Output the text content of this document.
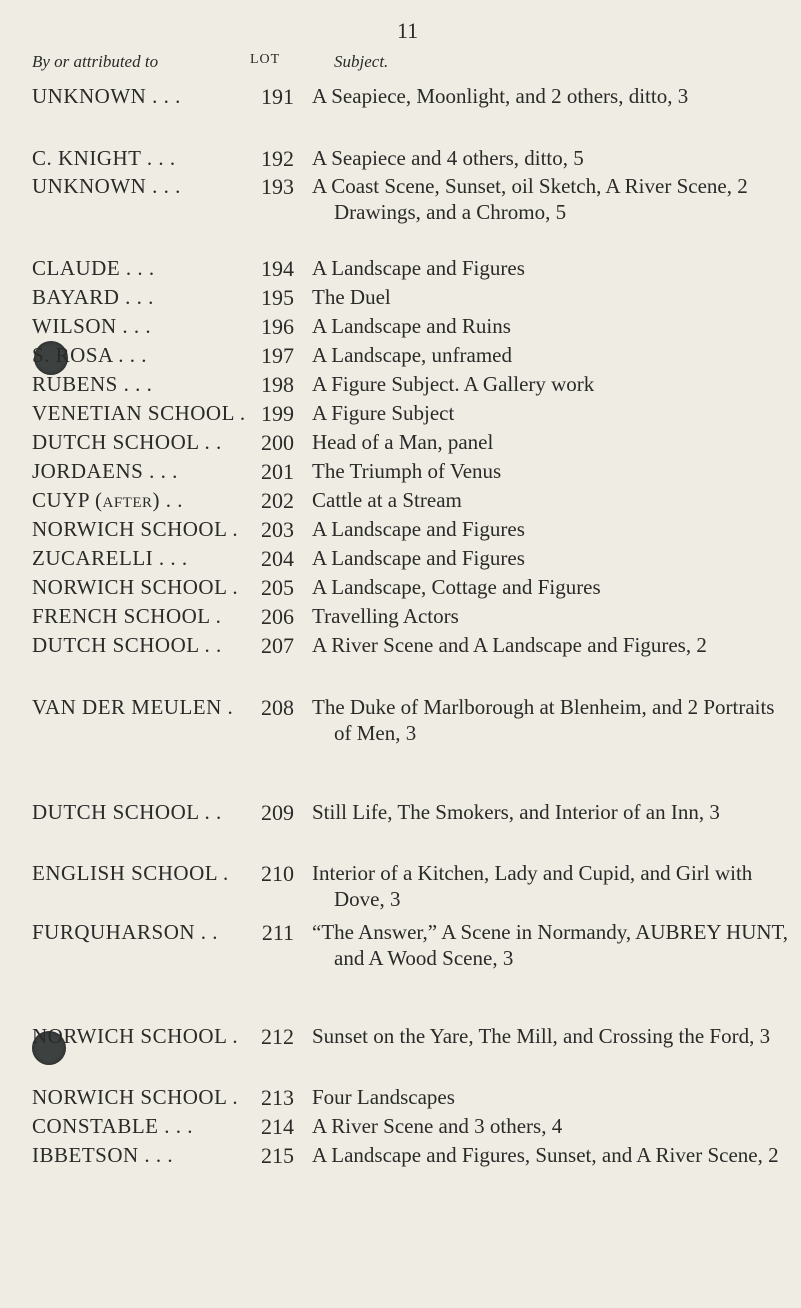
11
By or attributed to	LOT	Subject.
UNKNOWN . . .	191 A Seapiece, Moonlight, and 2 others, ditto, 3
C. KNIGHT . . .	192 A Seapiece and 4 others, ditto, 5
UNKNOWN . . .	193 A Coast Scene, Sunset, oil Sketch, A River Scene, 2 Drawings, and a Chromo, 5
CLAUDE . . .	194 A Landscape and Figures
BAYARD . . .	195 The Duel
WILSON . . .	196 A Landscape and Ruins
S. ROSA . . .	197 A Landscape, unframed
RUBENS . . .	198 A Figure Subject. A Gallery work
VENETIAN SCHOOL . 199 A Figure Subject
DUTCH SCHOOL . .	200 Head of a Man, panel
JORDAENS . . .	201 The Triumph of Venus
CUYP (after) . .	202 Cattle at a Stream
NORWICH SCHOOL .	203 A Landscape and Figures
ZUCARELLI . . .	204 A Landscape and Figures
NORWICH SCHOOL .	205 A Landscape, Cottage and Figures
FRENCH SCHOOL .	206 Travelling Actors
DUTCH SCHOOL . .	207 A River Scene and A Landscape and Figures, 2
VAN DER MEULEN .	208 The Duke of Marlborough at Blenheim, and 2 Portraits of Men, 3
DUTCH SCHOOL . .	209 Still Life, The Smokers, and Interior of an Inn, 3
ENGLISH SCHOOL .	210 Interior of a Kitchen, Lady and Cupid, and Girl with Dove, 3
FURQUHARSON . .	211 “The Answer,” A Scene in Normandy, AUBREY HUNT, and A Wood Scene, 3
NORWICH SCHOOL .	212 Sunset on the Yare, The Mill, and Crossing the Ford, 3
NORWICH SCHOOL .	213 Four Landscapes
CONSTABLE . . .	214 A River Scene and 3 others, 4
IBBETSON . . .	215 A Landscape and Figures, Sunset, and A River Scene, 2
